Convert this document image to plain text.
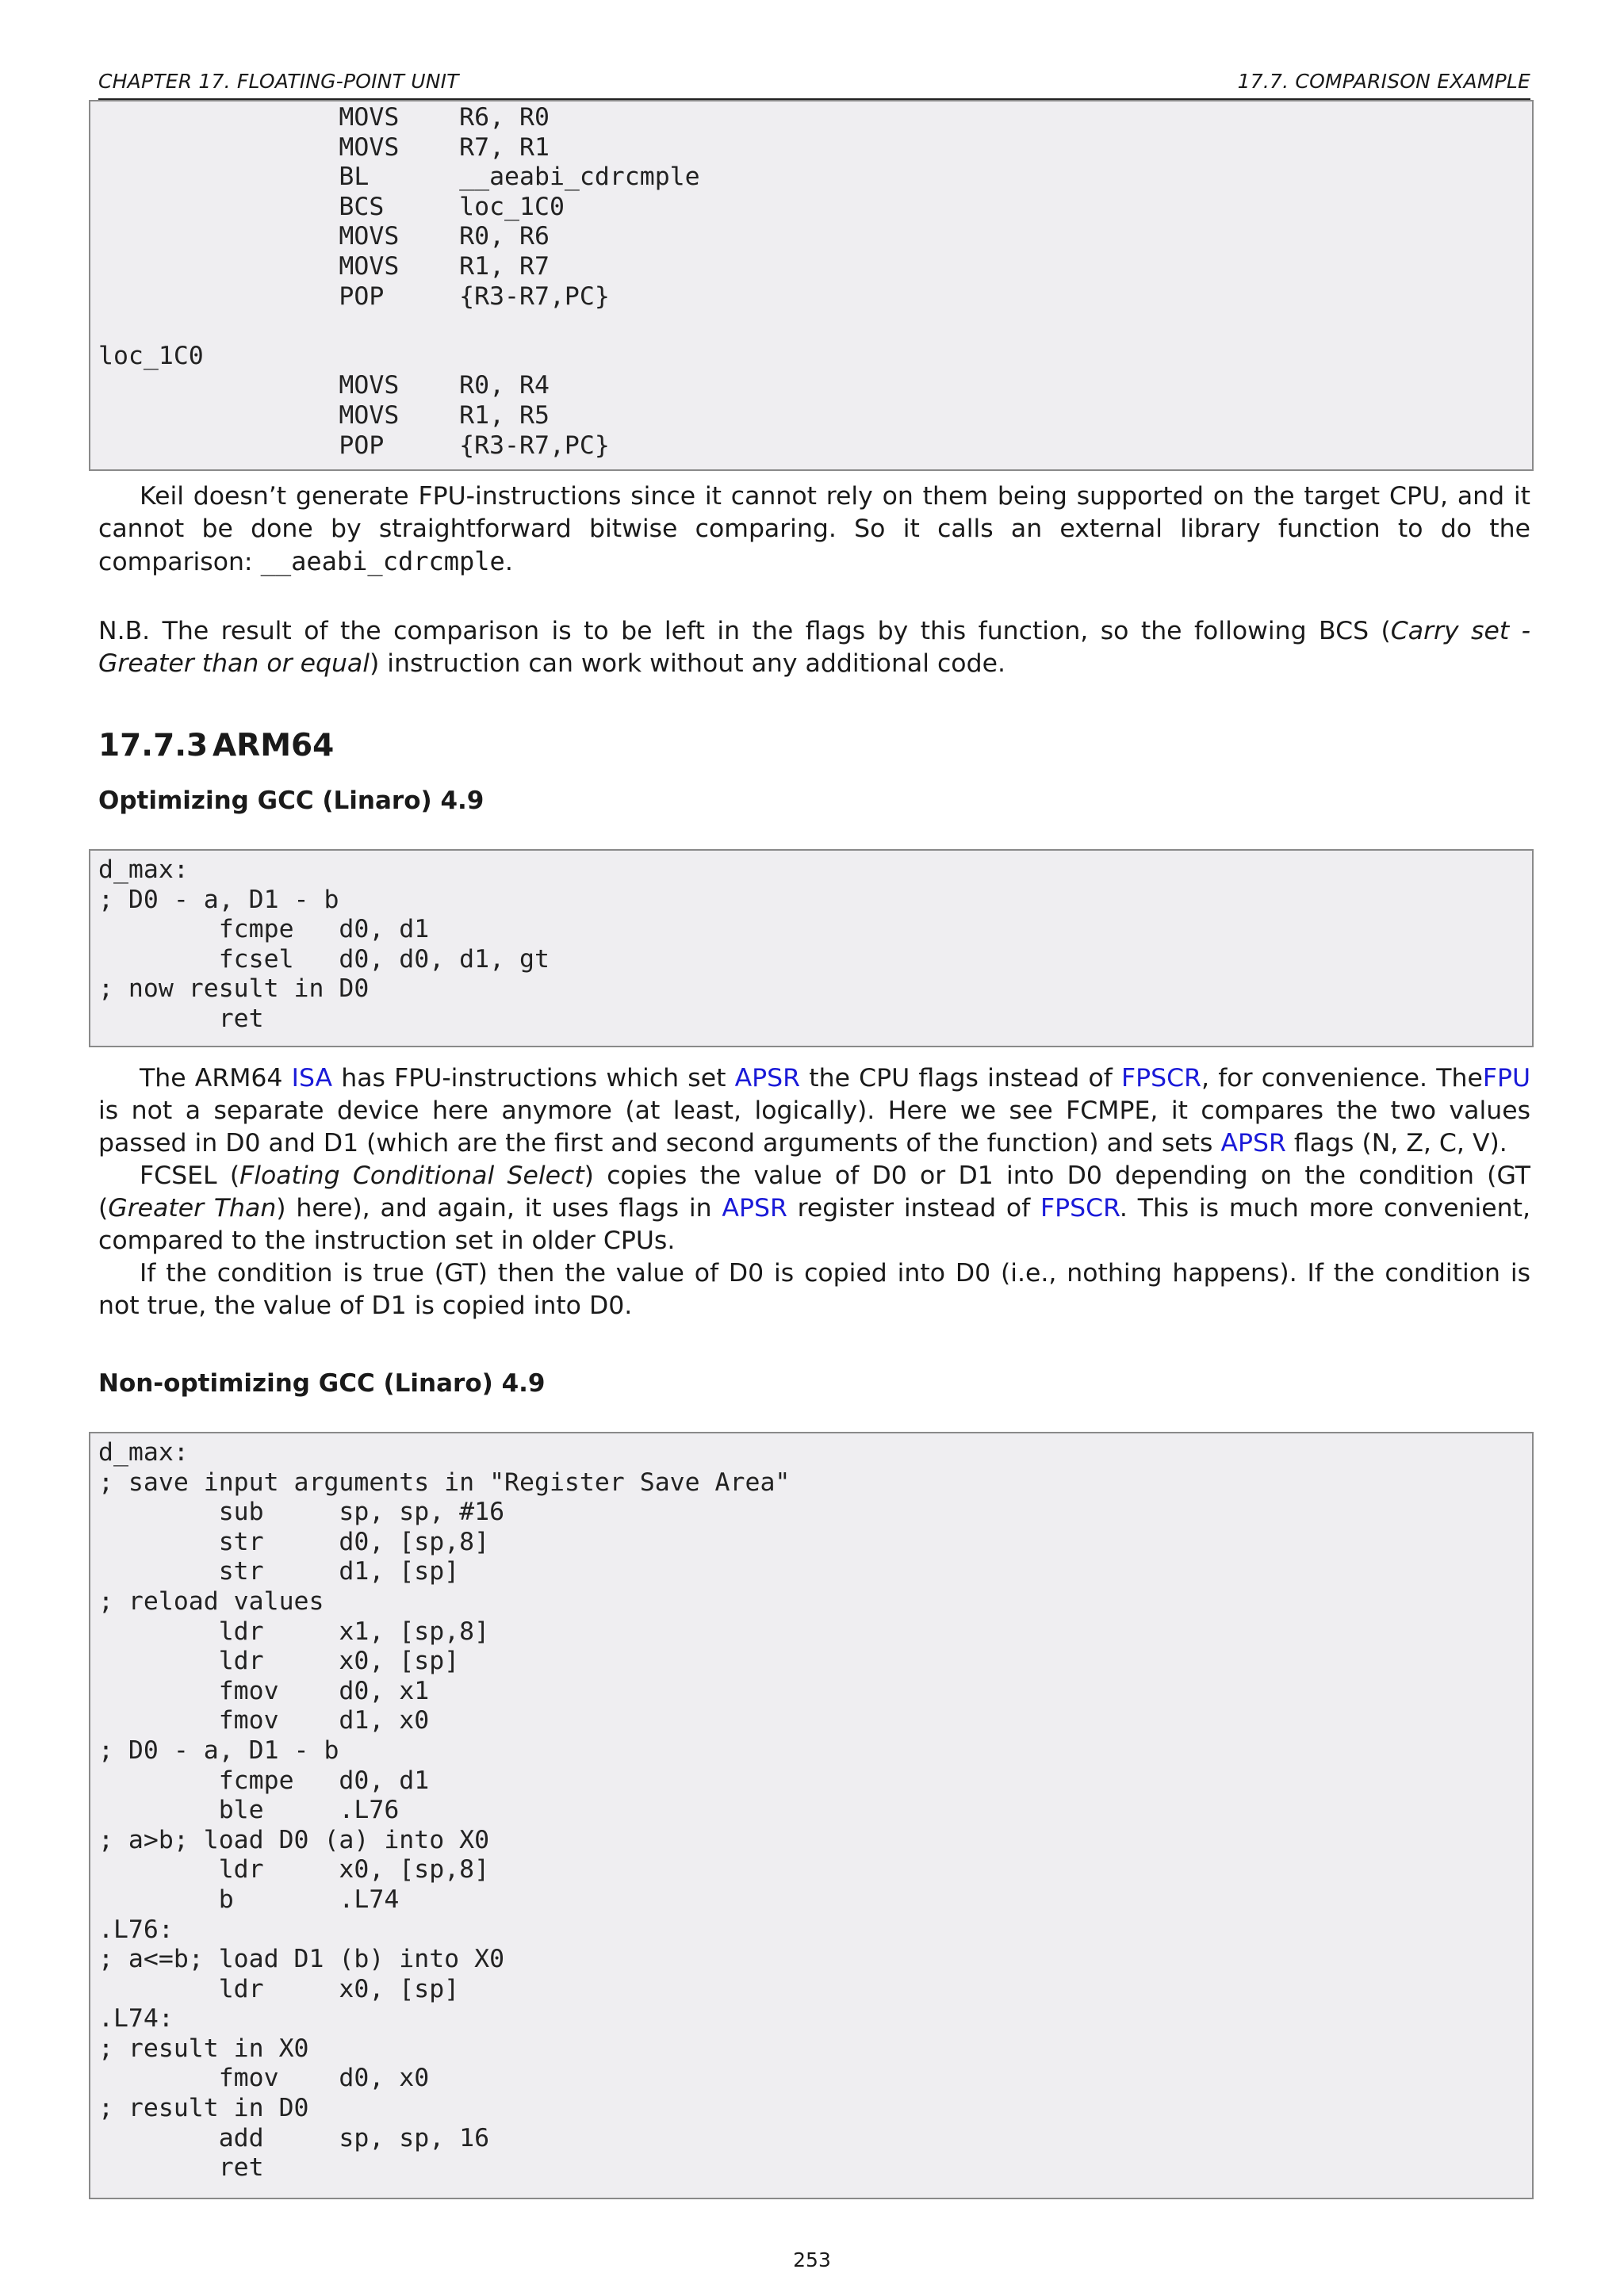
CHAPTER 17. FLOATING-POINT UNIT	17.7. COMPARISON EXAMPLE
MOVS    R6, R0
MOVS    R7, R1
BL      __aeabi_cdrcmple
BCS     loc_1C0
MOVS    R0, R6
MOVS    R1, R7
POP     {R3-R7,PC}
loc_1C0
MOVS    R0, R4
MOVS    R1, R5
POP     {R3-R7,PC}

Keil doesn’t generate FPU-instructions since it cannot rely on them being supported on the target CPU, and it cannot be done by straightforward bitwise comparing. So it calls an external library function to do the comparison: __aeabi_cdrcmple.

N.B. The result of the comparison is to be left in the flags by this function, so the following BCS (Carry set - Greater than or equal) instruction can work without any additional code.

17.7.3 ARM64
Optimizing GCC (Linaro) 4.9
d_max:
; D0 - a, D1 - b
fcmpe   d0, d1
fcsel   d0, d0, d1, gt
; now result in D0
ret

The ARM64 ISA has FPU-instructions which set APSR the CPU flags instead of FPSCR, for convenience. TheFPU is not a separate device here anymore (at least, logically). Here we see FCMPE, it compares the two values passed in D0 and D1 (which are the first and second arguments of the function) and sets APSR flags (N, Z, C, V).

FCSEL (Floating Conditional Select) copies the value of D0 or D1 into D0 depending on the condition (GT (Greater Than) here), and again, it uses flags in APSR register instead of FPSCR. This is much more convenient, compared to the instruction set in older CPUs.

If the condition is true (GT) then the value of D0 is copied into D0 (i.e., nothing happens). If the condition is not true, the value of D1 is copied into D0.

Non-optimizing GCC (Linaro) 4.9
d_max:
; save input arguments in "Register Save Area"
sub     sp, sp, #16
str     d0, [sp,8]
str     d1, [sp]
; reload values
ldr     x1, [sp,8]
ldr     x0, [sp]
fmov    d0, x1
fmov    d1, x0
; D0 - a, D1 - b
fcmpe   d0, d1
ble     .L76
; a>b; load D0 (a) into X0
ldr     x0, [sp,8]
b       .L74
.L76:
; a<=b; load D1 (b) into X0
ldr     x0, [sp]
.L74:
; result in X0
fmov    d0, x0
; result in D0
add     sp, sp, 16
ret
253
